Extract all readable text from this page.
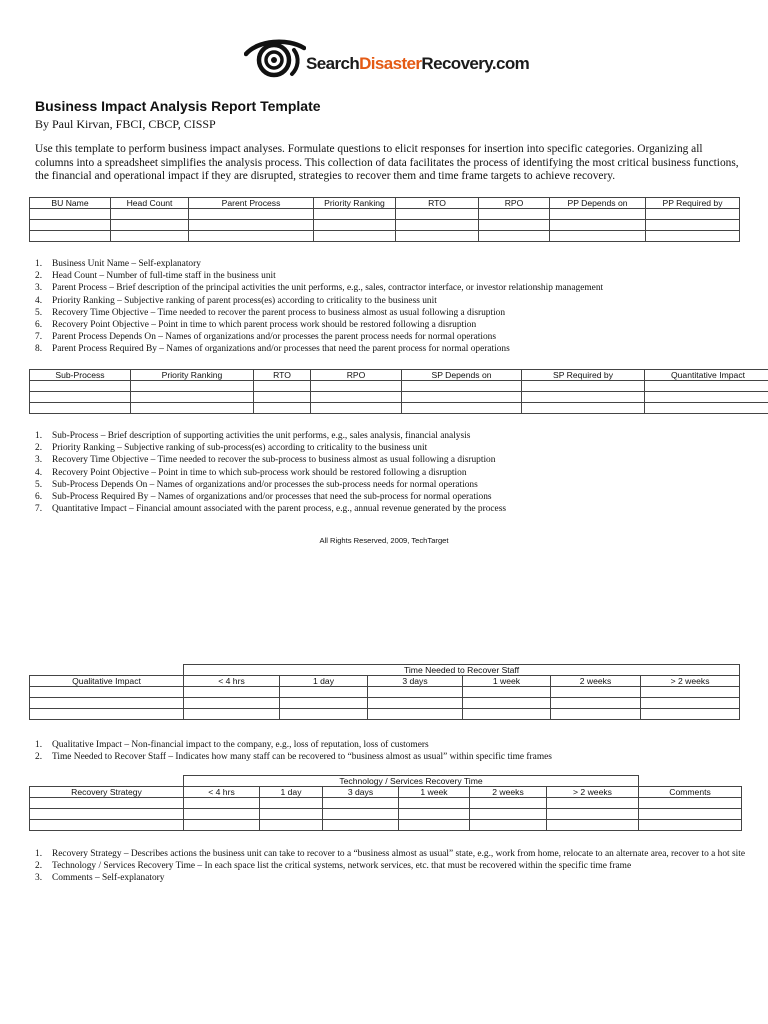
SearchDisasterRecovery.com
Business Impact Analysis Report Template
By Paul Kirvan, FBCI, CBCP, CISSP
Use this template to perform business impact analyses. Formulate questions to elicit responses for insertion into specific categories. Organizing all columns into a spreadsheet simplifies the analysis process. This collection of data facilitates the process of identifying the most critical business functions, the financial and operational impact if they are disrupted, strategies to recover them and time frame targets to achieve recovery.
BU Name	Head Count	Parent Process	Priority Ranking	RTO	RPO	PP Depends on	PP Required by

1. Business Unit Name – Self-explanatory
2. Head Count – Number of full-time staff in the business unit
3. Parent Process – Brief description of the principal activities the unit performs, e.g., sales, contractor interface, or investor relationship management
4. Priority Ranking – Subjective ranking of parent process(es) according to criticality to the business unit
5. Recovery Time Objective – Time needed to recover the parent process to business almost as usual following a disruption
6. Recovery Point Objective – Point in time to which parent process work should be restored following a disruption
7. Parent Process Depends On – Names of organizations and/or processes the parent process needs for normal operations
8. Parent Process Required By – Names of organizations and/or processes that need the parent process for normal operations
Sub-Process	Priority Ranking	RTO	RPO	SP Depends on	SP Required by	Quantitative Impact

1. Sub-Process – Brief description of supporting activities the unit performs, e.g., sales analysis, financial analysis
2. Priority Ranking – Subjective ranking of sub-process(es) according to criticality to the business unit
3. Recovery Time Objective – Time needed to recover the sub-process to business almost as usual following a disruption
4. Recovery Point Objective – Point in time to which sub-process work should be restored following a disruption
5. Sub-Process Depends On – Names of organizations and/or processes the sub-process needs for normal operations
6. Sub-Process Required By – Names of organizations and/or processes that need the sub-process for normal operations
7. Quantitative Impact – Financial amount associated with the parent process, e.g., annual revenue generated by the process
All Rights Reserved, 2009, TechTarget
	Time Needed to Recover Staff					
Qualitative Impact	< 4 hrs	1 day	3 days	1 week	2 weeks	> 2 weeks

1. Qualitative Impact – Non-financial impact to the company, e.g., loss of reputation, loss of customers
2. Time Needed to Recover Staff – Indicates how many staff can be recovered to “business almost as usual” within specific time frames
	Technology / Services Recovery Time						
Recovery Strategy	< 4 hrs	1 day	3 days	1 week	2 weeks	> 2 weeks	Comments

1. Recovery Strategy – Describes actions the business unit can take to recover to a “business almost as usual” state, e.g., work from home, relocate to an alternate area, recover to a hot site
2. Technology / Services Recovery Time – In each space list the critical systems, network services, etc. that must be recovered within the specific time frame
3. Comments – Self-explanatory
